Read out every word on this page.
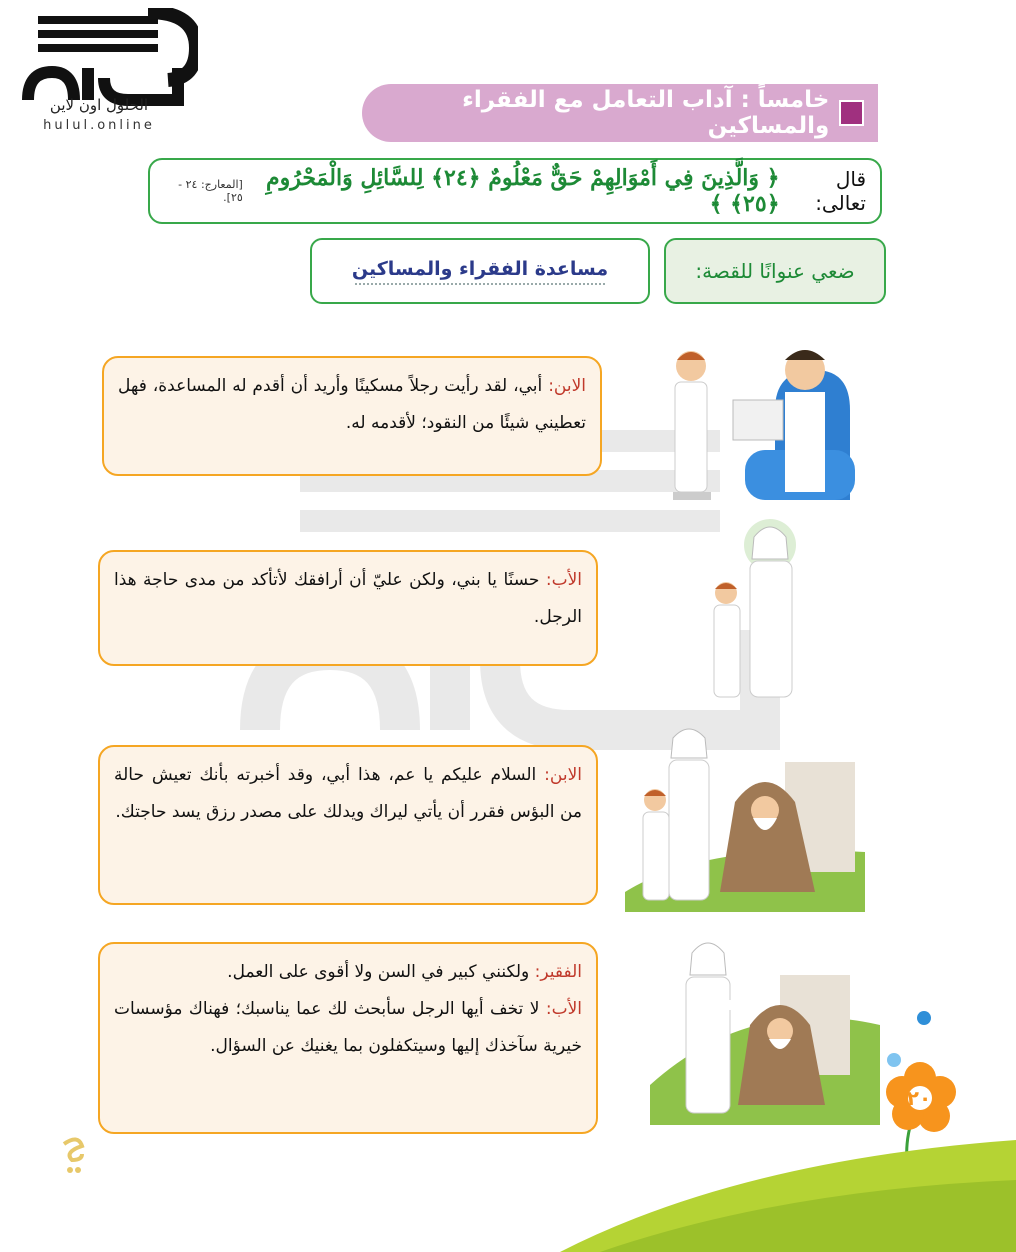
الحلول اون لاين
hulul.online
خامساً : آداب التعامل مع الفقراء والمساكين
قال تعالى:
﴿ وَالَّذِينَ فِي أَمْوَالِهِمْ حَقٌّ مَعْلُومٌ ﴿٢٤﴾ لِلسَّائِلِ وَالْمَحْرُومِ ﴿٢٥﴾ ﴾
[المعارج: ٢٤ - ٢٥].
ضعي عنوانًا للقصة:
مساعدة الفقراء والمساكين
الابن: أبي، لقد رأيت رجلاً مسكينًا وأريد أن أقدم له المساعدة، فهل تعطيني شيئًا من النقود؛ لأقدمه له.
الأب: حسنًا يا بني، ولكن عليّ أن أرافقك لأتأكد من مدى حاجة هذا الرجل.
الابن: السلام عليكم يا عم، هذا أبي، وقد أخبرته بأنك تعيش حالة من البؤس فقرر أن يأتي ليراك ويدلك على مصدر رزق يسد حاجتك.
الفقير: ولكنني كبير في السن ولا أقوى على العمل.
الأب: لا تخف أيها الرجل سأبحث لك عما يناسبك؛ فهناك مؤسسات خيرية سآخذك إليها وسيتكفلون بما يغنيك عن السؤال.
٢٠
